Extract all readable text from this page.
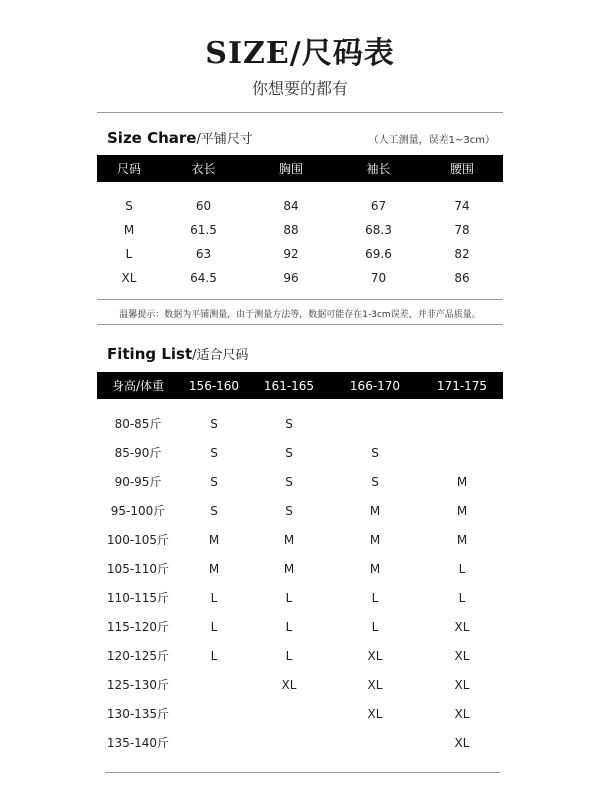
SIZE/尺码表
你想要的都有
Size Chare/平铺尺寸	（人工测量，误差1~3cm）
尺码	衣长	胸围	袖长	腰围

S	60	84	67	74
M	61.5	88	68.3	78
L	63	92	69.6	82
XL	64.5	96	70	86
温馨提示：数据为平铺测量，由于测量方法等，数据可能存在1-3cm误差，并非产品质量。
Fiting List/适合尺码
身高/体重	156-160	161-165	166-170	171-175

80-85斤	S	S		
85-90斤	S	S	S	
90-95斤	S	S	S	M
95-100斤	S	S	M	M
100-105斤	M	M	M	M
105-110斤	M	M	M	L
110-115斤	L	L	L	L
115-120斤	L	L	L	XL
120-125斤	L	L	XL	XL
125-130斤		XL	XL	XL
130-135斤			XL	XL
135-140斤				XL
